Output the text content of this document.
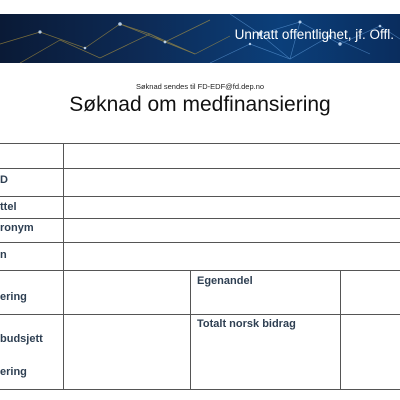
Unntatt offentlighet, jf. Offl.
Søknad sendes til FD-EDF@fd.dep.no
Søknad om medfinansiering
D
ttel
ronym
n
ering
budsjett
ering
Egenandel
Totalt norsk bidrag
